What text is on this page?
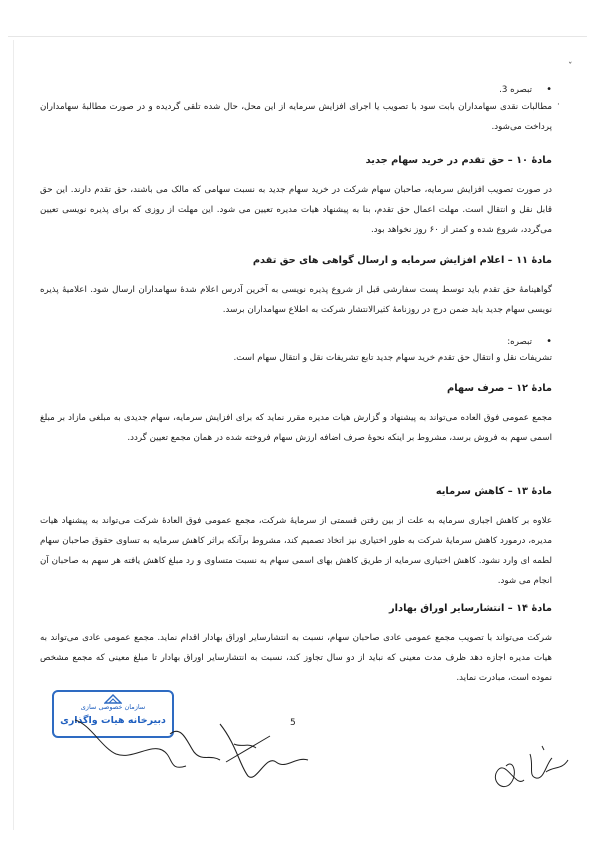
ˇ
·

•تبصره 3.

مطالبات نقدی سهامداران بابت سود با تصویب یا اجرای افزایش سرمایه از این محل، حال شده تلقی گردیده و در صورت مطالبهٔ سهامداران پرداخت می‌شود.

مادهٔ ۱۰ – حق تقدم در خرید سهام جدید

در صورت تصویب افزایش سرمایه، صاحبان سهام شرکت در خرید سهام جدید به نسبت سهامی که مالک می باشند، حق تقدم دارند. این حق قابل نقل و انتقال است. مهلت اعمال حق تقدم، بنا به پیشنهاد هیات مدیره تعیین می شود. این مهلت از روزی که برای پذیره نویسی تعیین می‌گردد، شروع شده و کمتر از ۶۰ روز نخواهد بود.

مادهٔ ۱۱ – اعلام افزایش سرمایه و ارسال گواهی های حق تقدم

گواهینامهٔ حق تقدم باید توسط پست سفارشی قبل از شروع پذیره نویسی به آخرین آدرس اعلام شدهٔ سهامداران ارسال شود. اعلامیهٔ پذیره نویسی سهام جدید باید ضمن درج در روزنامهٔ کثیرالانتشار شرکت به اطلاع سهامداران برسد.

•تبصره:

تشریفات نقل و انتقال حق تقدم خرید سهام جدید تابع تشریفات نقل و انتقال سهام است.

مادهٔ ۱۲ – صرف سهام

مجمع عمومی فوق العاده می‌تواند به پیشنهاد و گزارش هیات مدیره مقرر نماید که برای افزایش سرمایه، سهام جدیدی به مبلغی مازاد بر مبلغ اسمی سهم به فروش برسد، مشروط بر اینکه نحوهٔ صرف اضافه ارزش سهام فروخته شده در همان مجمع تعیین گردد.

مادهٔ ۱۳ – کاهش سرمایه

علاوه بر کاهش اجباری سرمایه به علت از بین رفتن قسمتی از سرمایهٔ شرکت، مجمع عمومی فوق العادهٔ شرکت می‌تواند به پیشنهاد هیات مدیره، درمورد کاهش سرمایهٔ شرکت به طور اختیاری نیز اتخاذ تصمیم کند، مشروط برآنکه براثر کاهش سرمایه به تساوی حقوق صاحبان سهام لطمه ای وارد نشود. کاهش اختیاری سرمایه از طریق کاهش بهای اسمی سهام به نسبت متساوی و رد مبلغ کاهش یافته هر سهم به صاحبان آن انجام می شود.

مادهٔ ۱۴ – انتشارسایر اوراق بهادار

شرکت می‌تواند با تصویب مجمع عمومی عادی صاحبان سهام، نسبت به انتشارسایر اوراق بهادار اقدام نماید. مجمع عمومی عادی می‌تواند به هیات مدیره اجازه دهد ظرف مدت معینی که نباید از دو سال تجاوز کند، نسبت به انتشارسایر اوراق بهادار تا مبلغ معینی که مجمع مشخص نموده است، مبادرت نماید.

سازمان خصوصی سازی
دبیرخانه هیات واگذاری	5
